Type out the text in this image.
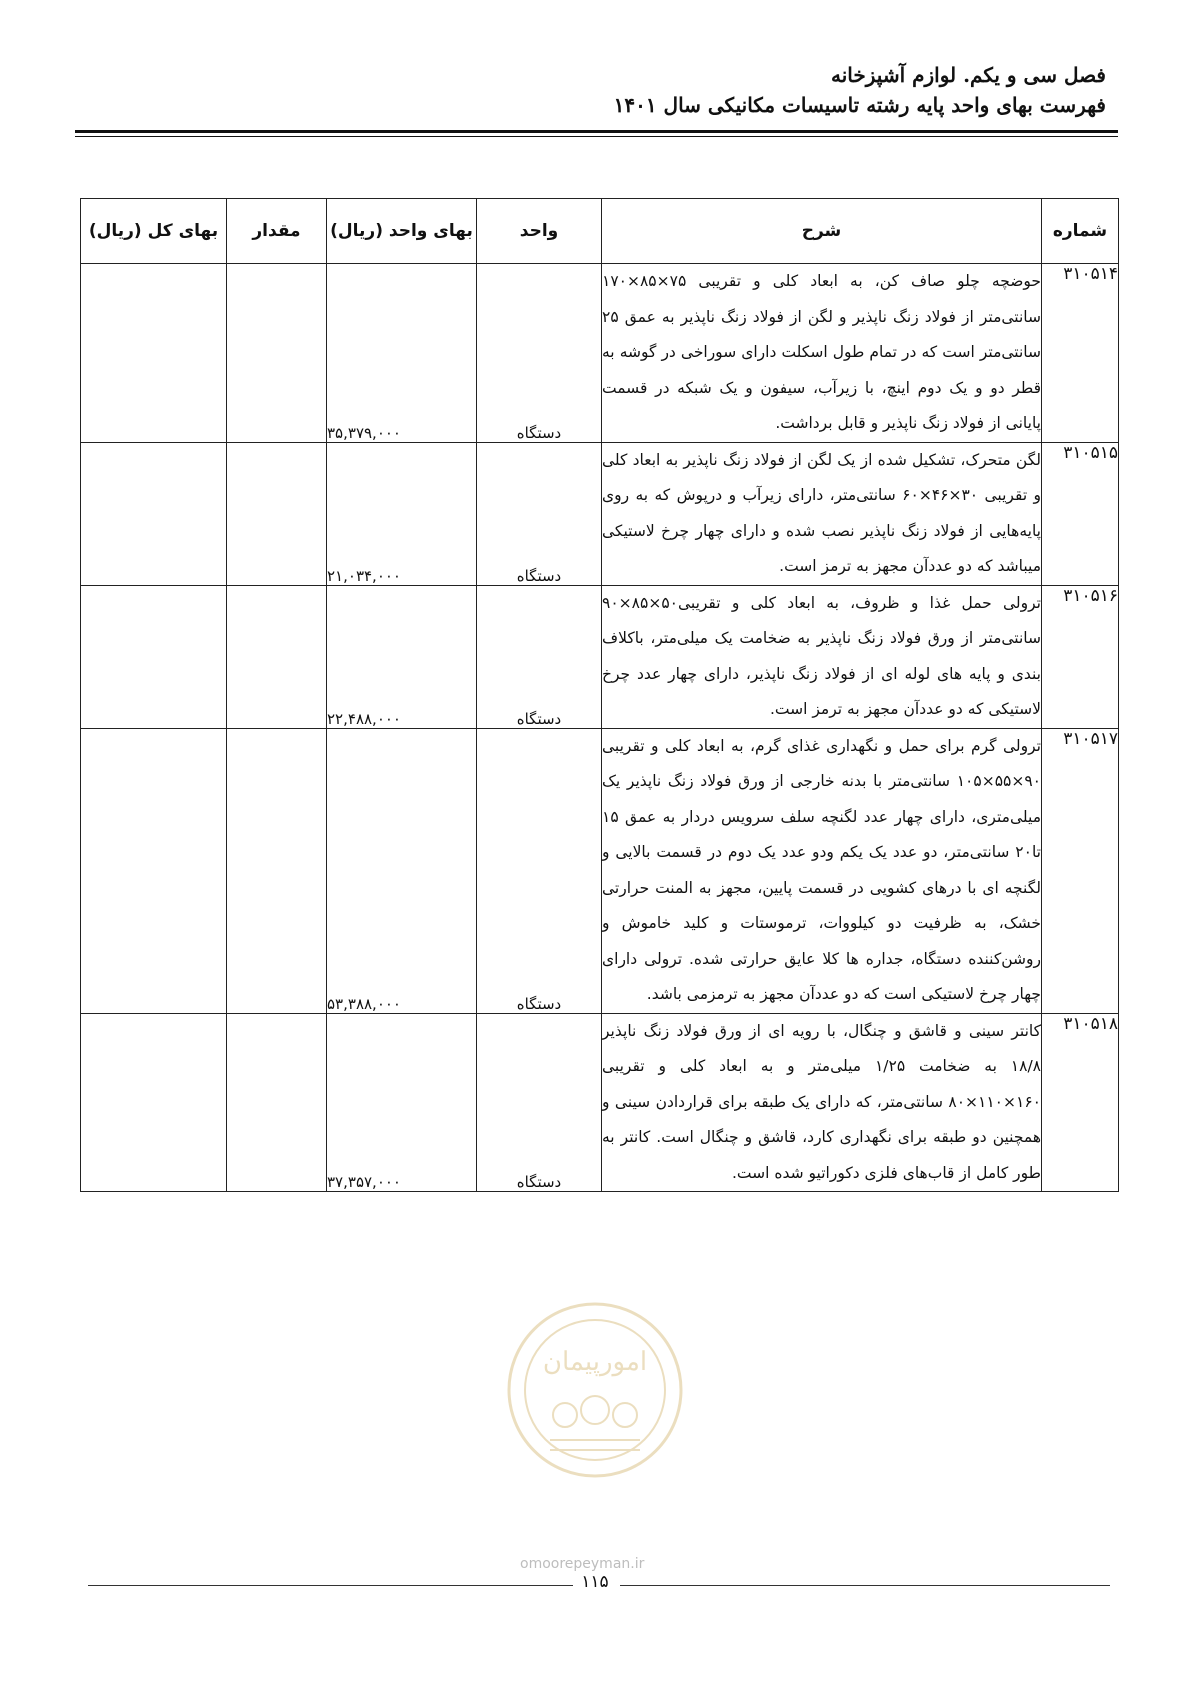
فصل سی و یکم. لوازم آشپزخانه
فهرست بهای واحد پایه رشته تاسیسات مکانیکی سال ۱۴۰۱
شماره	شرح	واحد	بهای واحد (ریال)	مقدار	بهای کل (ریال)
۳۱۰۵۱۴	حوضچه چلو صاف کن، به ابعاد کلی و تقریبی ۷۵×۸۵×۱۷۰ سانتی‌متر از فولاد زنگ ناپذیر و لگن از فولاد زنگ ناپذیر به عمق ۲۵ سانتی‌متر است که در تمام طول اسکلت دارای سوراخی در گوشه به قطر دو و یک دوم اینچ، با زیرآب، سیفون و یک شبکه در قسمت پایانی از فولاد زنگ ناپذیر و قابل برداشت.	دستگاه	۳۵,۳۷۹,۰۰۰		
۳۱۰۵۱۵	لگن متحرک، تشکیل شده از یک لگن از فولاد زنگ ناپذیر به ابعاد کلی و تقریبی ۳۰×۴۶×۶۰ سانتی‌متر، دارای زیرآب و درپوش که به روی پایه‌هایی از فولاد زنگ ناپذیر نصب شده و دارای چهار چرخ لاستیکی میباشد که دو عددآن مجهز به ترمز است.	دستگاه	۲۱,۰۳۴,۰۰۰		
۳۱۰۵۱۶	ترولی حمل غذا و ظروف، به ابعاد کلی و تقریبی۵۰×۸۵×۹۰ سانتی‌متر از ورق فولاد زنگ ناپذیر به ضخامت یک میلی‌متر، باکلاف بندی و پایه های لوله ای از فولاد زنگ ناپذیر، دارای چهار عدد چرخ لاستیکی که دو عددآن مجهز به ترمز است.	دستگاه	۲۲,۴۸۸,۰۰۰		
۳۱۰۵۱۷	ترولی گرم برای حمل و نگهداری غذای گرم، به ابعاد کلی و تقریبی ۹۰×۵۵×۱۰۵ سانتی‌متر با بدنه خارجی از ورق فولاد زنگ ناپذیر یک میلی‌متری، دارای چهار عدد لگنچه سلف سرویس دردار به عمق ۱۵ تا۲۰ سانتی‌متر، دو عدد یک یکم ودو عدد یک دوم در قسمت بالایی و لگنچه ای با درهای کشویی در قسمت پایین، مجهز به المنت حرارتی خشک، به ظرفیت دو کیلووات، ترموستات و کلید خاموش و روشن‌کننده دستگاه، جداره ها کلا عایق حرارتی شده. ترولی دارای چهار چرخ لاستیکی است که دو عددآن مجهز به ترمزمی باشد.	دستگاه	۵۳,۳۸۸,۰۰۰		
۳۱۰۵۱۸	کانتر سینی و قاشق و چنگال، با رویه ای از ورق فولاد زنگ ناپذیر ۱۸/۸ به ضخامت ۱/۲۵ میلی‌متر و به ابعاد کلی و تقریبی ۱۶۰×۱۱۰×۸۰ سانتی‌متر، که دارای یک طبقه برای قراردادن سینی و همچنین دو طبقه برای نگهداری کارد، قاشق و چنگال است. کانتر به طور کامل از قاب‌های فلزی دکوراتیو شده است.	دستگاه	۳۷,۳۵۷,۰۰۰		
امورپیمان
omoorepeyman.ir
۱۱۵
